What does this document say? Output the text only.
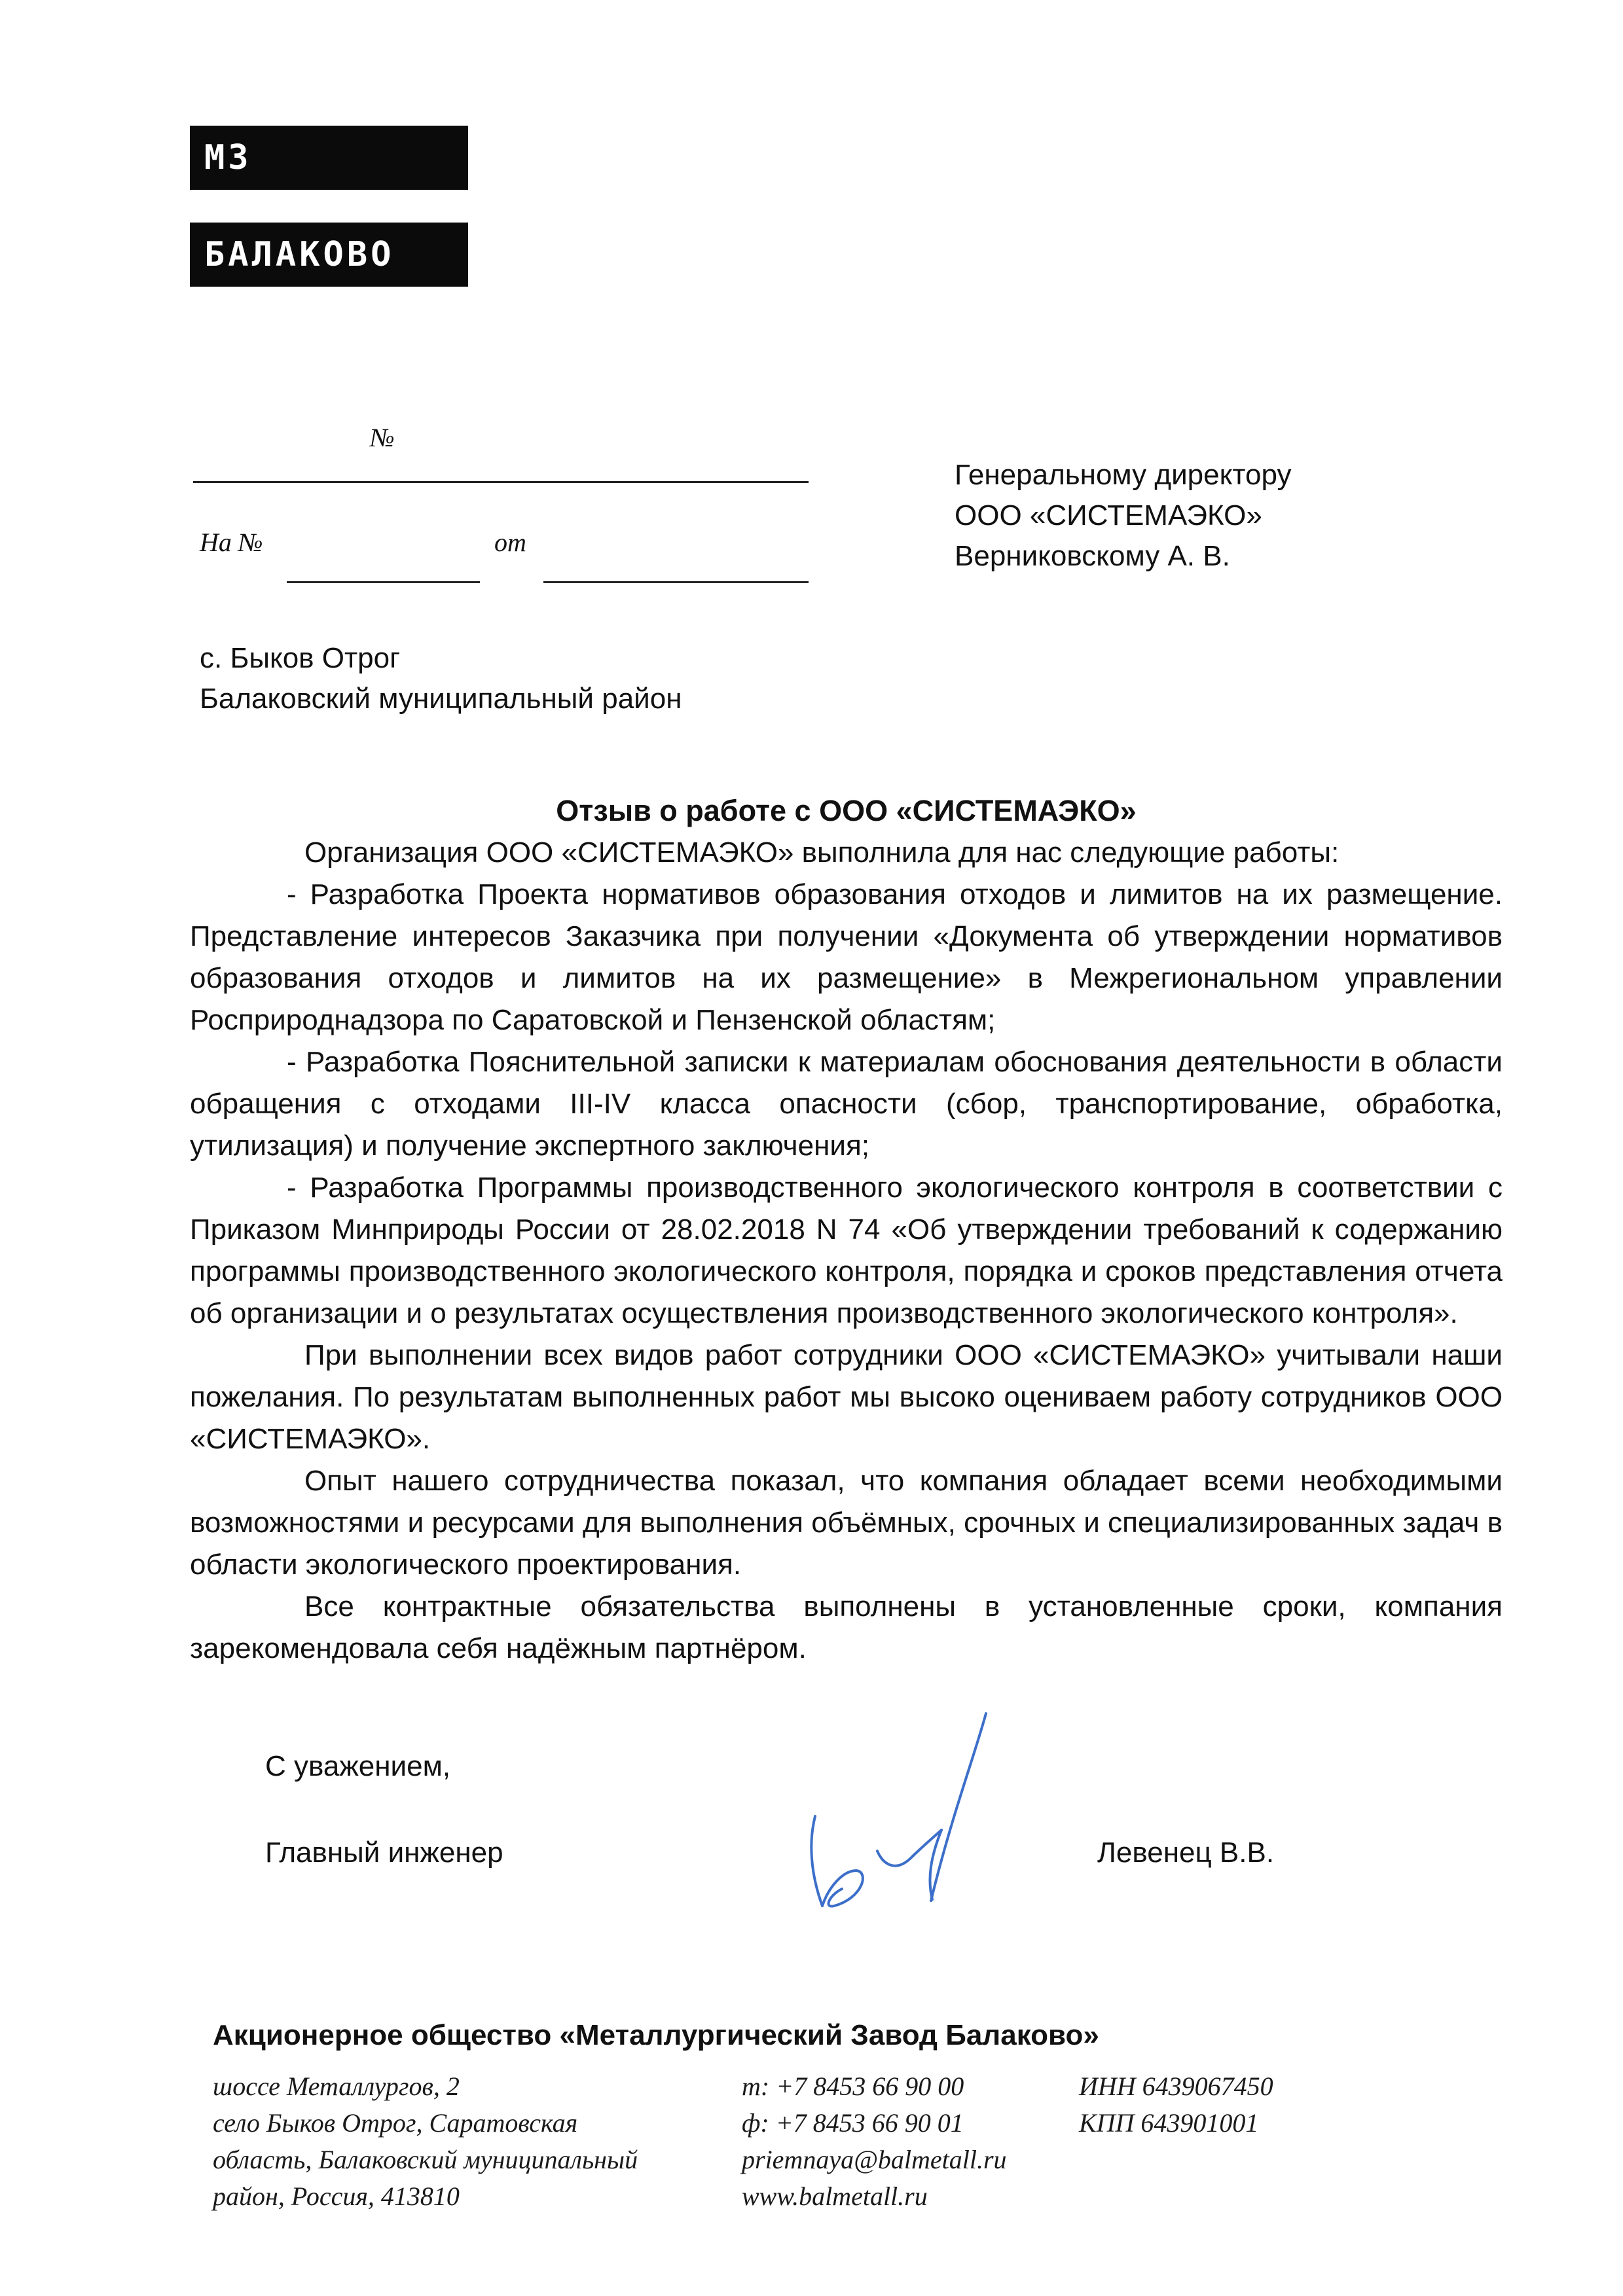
МЗ
БАЛАКОВО
№
На №	от
Генеральному директору
ООО «СИСТЕМАЭКО»
Верниковскому А. В.
с. Быков Отрог
Балаковский муниципальный район
Отзыв о работе с ООО «СИСТЕМАЭКО»

Организация ООО «СИСТЕМАЭКО» выполнила для нас следующие работы:

- Разработка Проекта нормативов образования отходов и лимитов на их размещение. Представление интересов Заказчика при получении «Документа об утверждении нормативов образования отходов и лимитов на их размещение» в Межрегиональном управлении Росприроднадзора по Саратовской и Пензенской областям;

- Разработка Пояснительной записки к материалам обоснования деятельности в области обращения с отходами III-IV класса опасности (сбор, транспортирование, обработка, утилизация) и получение экспертного заключения;

- Разработка Программы производственного экологического контроля в соответствии с Приказом Минприроды России от 28.02.2018 N 74 «Об утверждении требований к содержанию программы производственного экологического контроля, порядка и сроков представления отчета об организации и о результатах осуществления производственного экологического контроля».

При выполнении всех видов работ сотрудники ООО «СИСТЕМАЭКО» учитывали наши пожелания. По результатам выполненных работ мы высоко оцениваем работу сотрудников ООО «СИСТЕМАЭКО».

Опыт нашего сотрудничества показал, что компания обладает всеми необходимыми возможностями и ресурсами для выполнения объёмных, срочных и специализированных задач в области экологического проектирования.

Все контрактные обязательства выполнены в установленные сроки, компания зарекомендовала себя надёжным партнёром.

С уважением,
Главный инженер	Левенец В.В.
Акционерное общество «Металлургический Завод Балаково»
шоссе Металлургов, 2
село Быков Отрог, Саратовская
область, Балаковский муниципальный
район, Россия, 413810
т: +7 8453 66 90 00
ф: +7 8453 66 90 01
priemnaya@balmetall.ru
www.balmetall.ru
ИНН 6439067450
КПП 643901001
